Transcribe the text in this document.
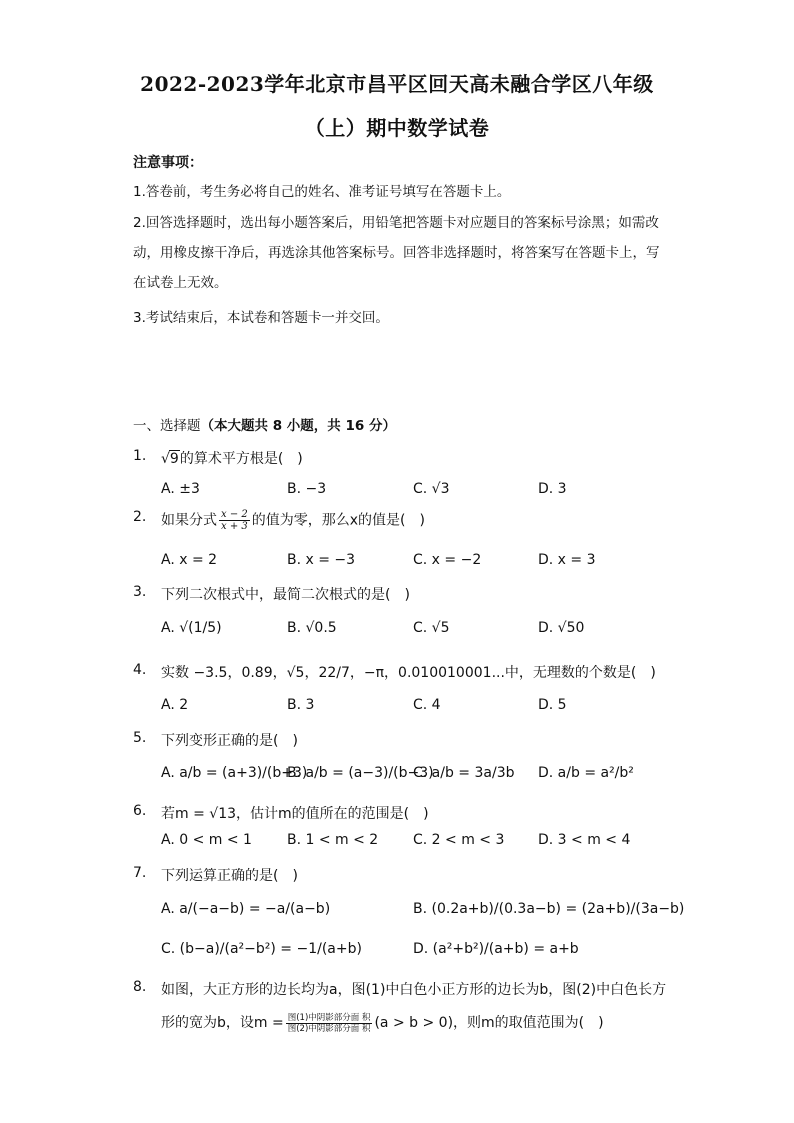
2022-2023学年北京市昌平区回天高未融合学区八年级
（上）期中数学试卷
注意事项：
1.答卷前，考生务必将自己的姓名、准考证号填写在答题卡上。
2.回答选择题时，选出每小题答案后，用铅笔把答题卡对应题目的答案标号涂黑；如需改动，用橡皮擦干净后，再选涂其他答案标号。回答非选择题时，将答案写在答题卡上，写在试卷上无效。
3.考试结束后，本试卷和答题卡一并交回。
一、选择题（本大题共 8 小题，共 16 分）
1.	√9的算术平方根是(　)
A. ±3	B. −3	C. √3	D. 3
2.	如果分式 $\frac{x - 2}{x + 3}$ 的值为零，那么x的值是(　)
A. x = 2	B. x = −3	C. x = −2	D. x = 3
3.	下列二次根式中，最简二次根式的是(　)
A. √(1/5)	B. √0.5	C. √5	D. √50
4.	实数 −3.5，0.89，√5，22/7，−π，0.010010001...中，无理数的个数是(　)
A. 2	B. 3	C. 4	D. 5
5.	下列变形正确的是(　)
A. a/b = (a+3)/(b+3)
B. a/b = (a−3)/(b−3)
C. a/b = 3a/3b D. a/b = a²/b²
6.	若m = √13，估计m的值所在的范围是(　)
A. 0 < m < 1	B. 1 < m < 2 C. 2 < m < 3 D. 3 < m < 4
7.	下列运算正确的是(　)
A. a/(−a−b) = −a/(a−b)	B. (0.2a+b)/(0.3a−b) = (2a+b)/(3a−b)
C. (b−a)/(a²−b²) = −1/(a+b)	D. (a²+b²)/(a+b) = a+b
8.	如图，大正方形的边长均为a，图(1)中白色小正方形的边长为b，图(2)中白色长方
形的宽为b，设$m = \frac{\text{图(1)中阴影部分面 积}}{\text{图(2)中阴影部分面 积}} (a > b > 0)$，则m的取值范围为(　)
